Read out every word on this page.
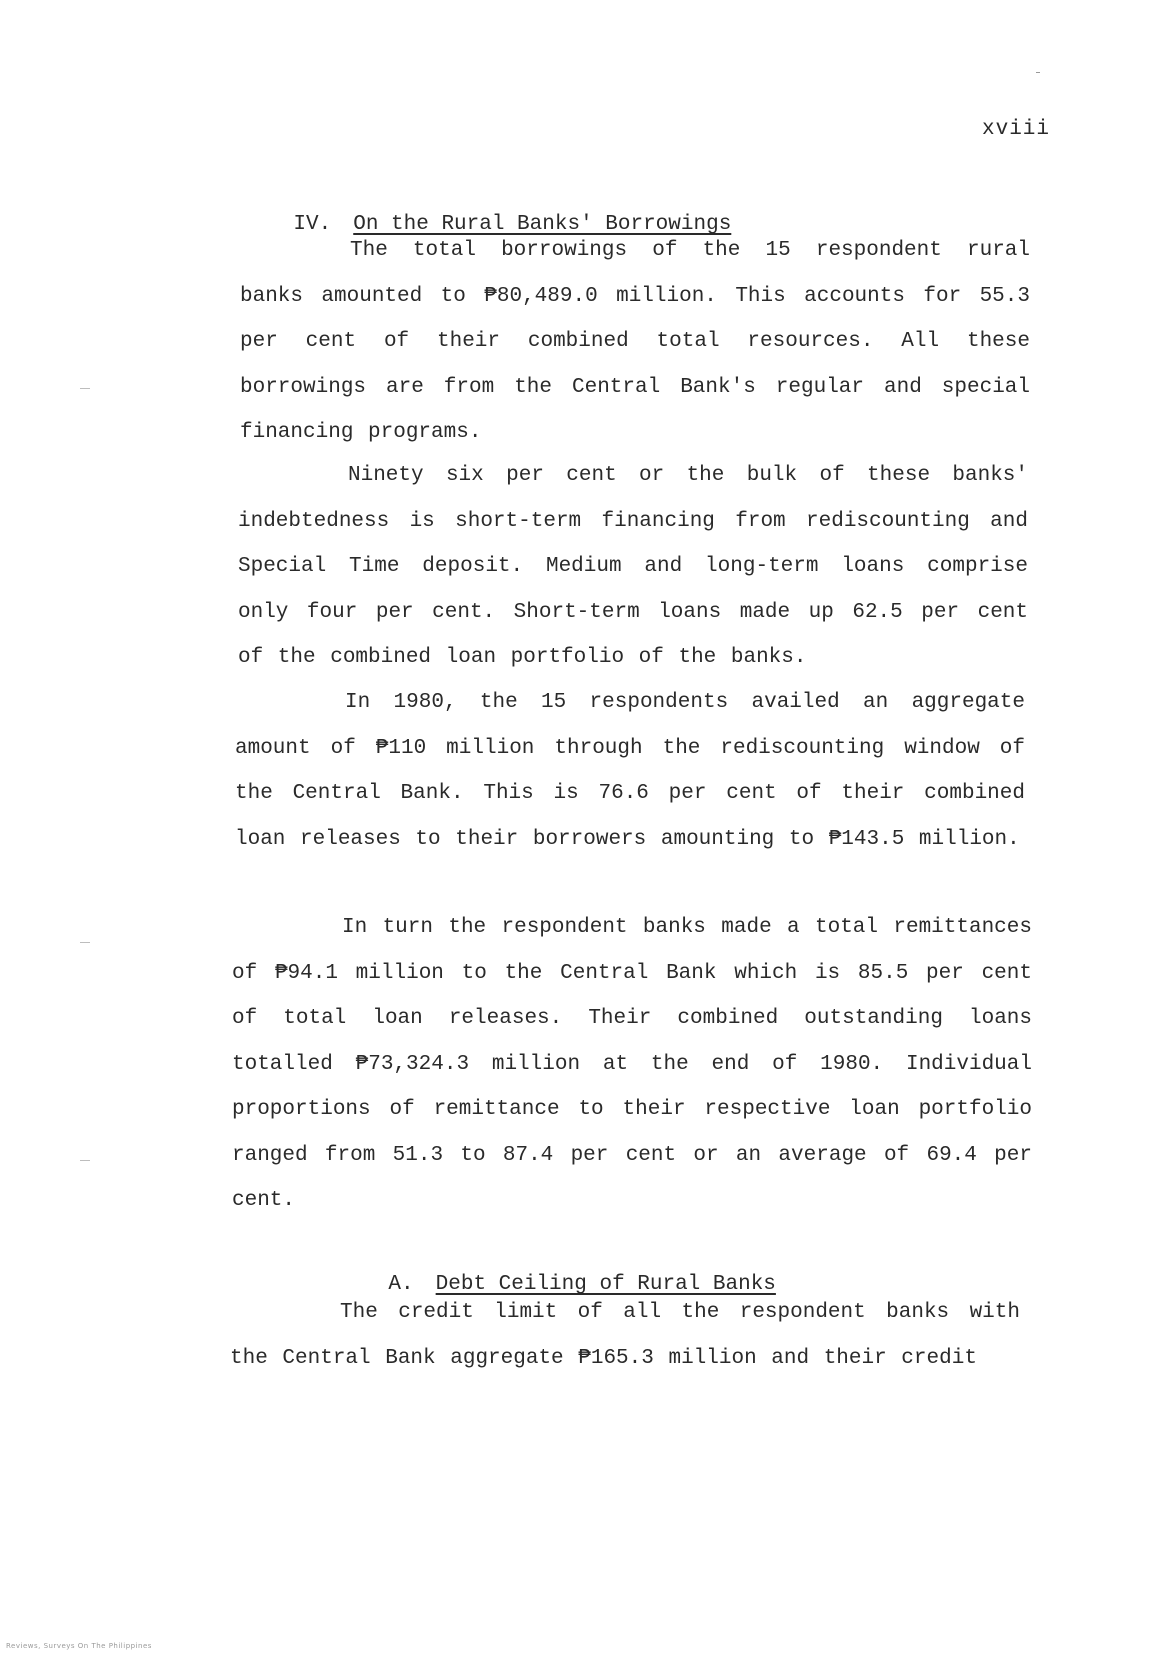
xviii

IV. On the Rural Banks' Borrowings

The total borrowings of the 15 respondent rural banks amounted to ₱80,489.0 million. This accounts for 55.3 per cent of their combined total resources. All these borrowings are from the Central Bank's regular and special financing programs.
Ninety six per cent or the bulk of these banks' indebtedness is short-term financing from rediscounting and Special Time deposit. Medium and long-term loans comprise only four per cent. Short-term loans made up 62.5 per cent of the combined loan portfolio of the banks.
In 1980, the 15 respondents availed an aggregate amount of ₱110 million through the rediscounting window of the Central Bank. This is 76.6 per cent of their combined loan releases to their borrowers amounting to ₱143.5 million.
In turn the respondent banks made a total remittances of ₱94.1 million to the Central Bank which is 85.5 per cent of total loan releases. Their combined outstanding loans totalled ₱73,324.3 million at the end of 1980. Individual proportions of remittance to their respective loan portfolio ranged from 51.3 to 87.4 per cent or an average of 69.4 per cent.

A. Debt Ceiling of Rural Banks

The credit limit of all the respondent banks with the Central Bank aggregate ₱165.3 million and their credit
Reviews, Surveys On The Philippines
